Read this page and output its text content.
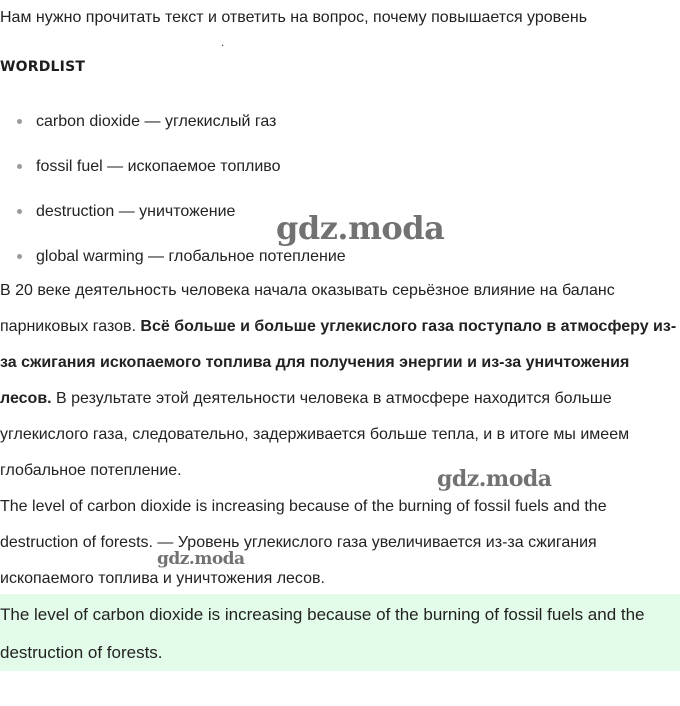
Нам нужно прочитать текст и ответить на вопрос, почему повышается уровень
.
WORDLIST
carbon dioxide — углекислый газ
fossil fuel — ископаемое топливо
destruction — уничтожение
global warming — глобальное потепление

В 20 веке деятельность человека начала оказывать серьёзное влияние на баланс парниковых газов. Всё больше и больше углекислого газа поступало в атмосферу из-за сжигания ископаемого топлива для получения энергии и из-за уничтожения лесов. В результате этой деятельности человека в атмосфере находится больше углекислого газа, следовательно, задерживается больше тепла, и в итоге мы имеем глобальное потепление.

The level of carbon dioxide is increasing because of the burning of fossil fuels and the destruction of forests. — Уровень углекислого газа увеличивается из-за сжигания ископаемого топлива и уничтожения лесов.

The level of carbon dioxide is increasing because of the burning of fossil fuels and the destruction of forests.
gdz.moda
gdz.moda
gdz.moda
